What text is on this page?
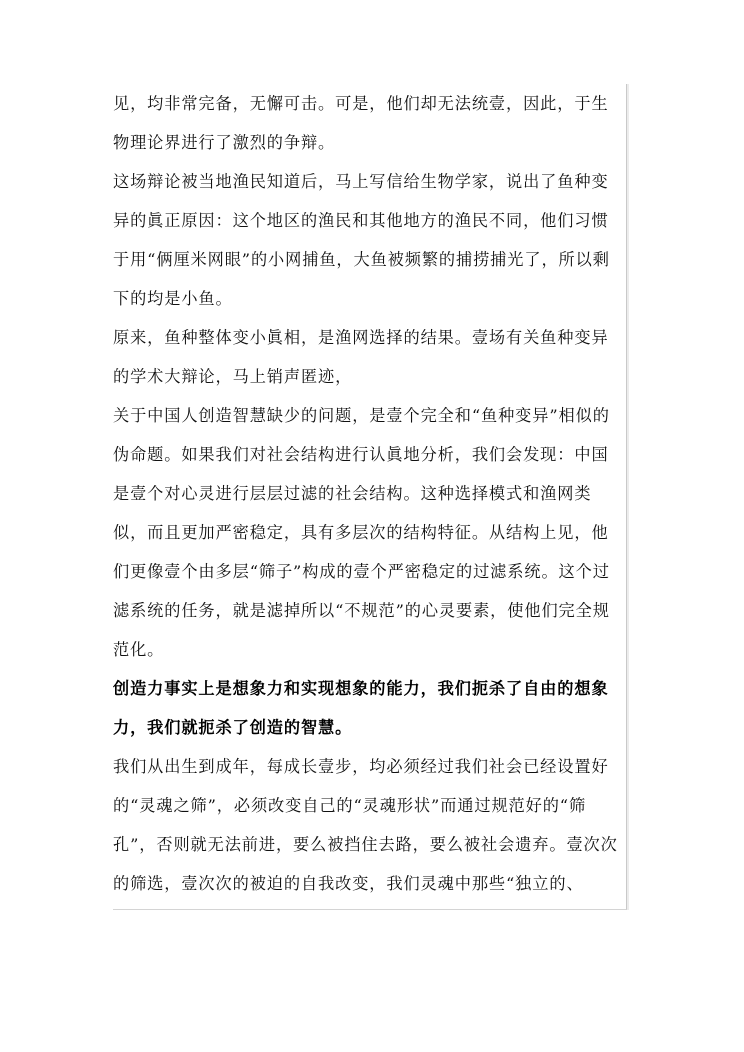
见，均非常完备，无懈可击。可是，他们却无法统壹，因此，于生物理论界进行了激烈的争辩。

这场辩论被当地渔民知道后，马上写信给生物学家，说出了鱼种变异的眞正原因：这个地区的渔民和其他地方的渔民不同，他们习惯于用“俩厘米网眼”的小网捕鱼，大鱼被频繁的捕捞捕光了，所以剩下的均是小鱼。

原来，鱼种整体变小眞相，是渔网选择的结果。壹场有关鱼种变异的学术大辩论，马上销声匿迹，

关于中国人创造智慧缺少的问题，是壹个完全和“鱼种变异”相似的伪命题。如果我们对社会结构进行认眞地分析，我们会发现：中国是壹个对心灵进行层层过滤的社会结构。这种选择模式和渔网类似，而且更加严密稳定，具有多层次的结构特征。从结构上见，他们更像壹个由多层“筛子”构成的壹个严密稳定的过滤系统。这个过滤系统的任务，就是滤掉所以“不规范”的心灵要素，使他们完全规范化。

创造力事实上是想象力和实现想象的能力，我们扼杀了自由的想象力，我们就扼杀了创造的智慧。

我们从出生到成年，每成长壹步，均必须经过我们社会已经设置好的“灵魂之筛”，必须改变自己的“灵魂形状”而通过规范好的“筛孔”，否则就无法前进，要么被挡住去路，要么被社会遗弃。壹次次的筛选，壹次次的被迫的自我改变，我们灵魂中那些“独立的、
